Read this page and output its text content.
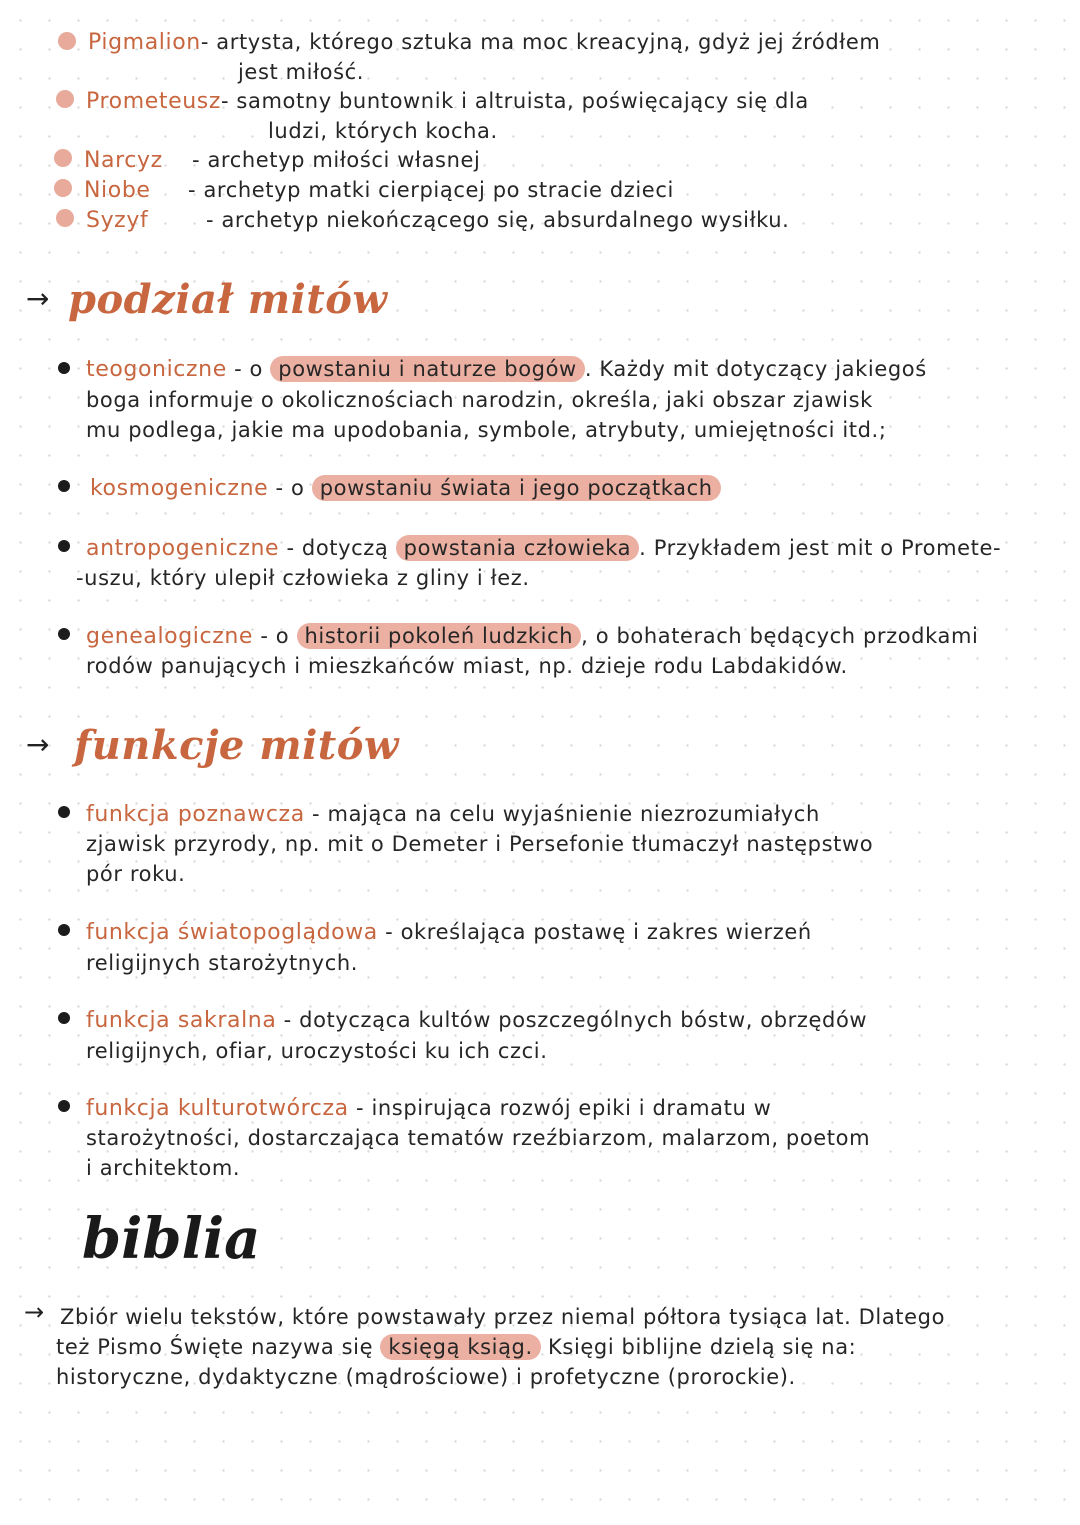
Pigmalion- artysta, którego sztuka ma moc kreacyjną, gdyż jej źródłem
jest miłość.
Prometeusz- samotny buntownik i altruista, poświęcający się dla
ludzi, których kocha.
Narcyz - archetyp miłości własnej
Niobe - archetyp matki cierpiącej po stracie dzieci
Syzyf	- archetyp niekończącego się, absurdalnego wysiłku.
→ podział mitów
teogoniczne - o powstaniu i naturze bogów . Każdy mit dotyczący jakiegoś
boga informuje o okolicznościach narodzin, określa, jaki obszar zjawisk
mu podlega, jakie ma upodobania, symbole, atrybuty, umiejętności itd.;
kosmogeniczne - o powstaniu świata i jego początkach
antropogeniczne - dotyczą powstania człowieka . Przykładem jest mit o Promete-
-uszu, który ulepił człowieka z gliny i łez.
genealogiczne - o historii pokoleń ludzkich , o bohaterach będących przodkami
rodów panujących i mieszkańców miast, np. dzieje rodu Labdakidów.
→ funkcje mitów
funkcja poznawcza - mająca na celu wyjaśnienie niezrozumiałych
zjawisk przyrody, np. mit o Demeter i Persefonie tłumaczył następstwo
pór roku.
funkcja światopoglądowa - określająca postawę i zakres wierzeń
religijnych starożytnych.
funkcja sakralna - dotycząca kultów poszczególnych bóstw, obrzędów
religijnych, ofiar, uroczystości ku ich czci.
funkcja kulturotwórcza - inspirująca rozwój epiki i dramatu w
starożytności, dostarczająca tematów rzeźbiarzom, malarzom, poetom
i architektom.
biblia
→ Zbiór wielu tekstów, które powstawały przez niemal półtora tysiąca lat. Dlatego
też Pismo Święte nazywa się księgą ksiąg. Księgi biblijne dzielą się na:
historyczne, dydaktyczne (mądrościowe) i profetyczne (prorockie).
